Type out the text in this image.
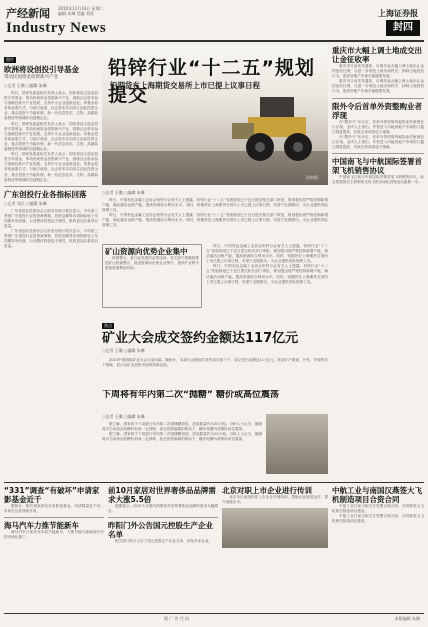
产经新闻
Industry News
2010年11月16日 星期二
编辑 朱琳 美编 刘奕	上海证券报
封四
铅锌行业“十二五”规划提交
铅期货在上海期货交易所上市已提上议事日程
资料图
图片
欧洲将设创投引导基金
带动民间资金投资新兴产业
○记者 王璐 ○编辑 朱琳

昨日，国家发改委相关负责人表示，国家将设立创业投资引导基金，带动民间资金投资新兴产业，鼓励社会资本参与战略性新兴产业发展，支持中小企业创新创业。该基金将采取参股方式，与地方政府、社会资本共同设立创业投资企业，重点投资于节能环保、新一代信息技术、生物、高端装备制造等领域的初创期企业。

昨日，国家发改委相关负责人表示，国家将设立创业投资引导基金，带动民间资金投资新兴产业，鼓励社会资本参与战略性新兴产业发展，支持中小企业创新创业。该基金将采取参股方式，与地方政府、社会资本共同设立创业投资企业，重点投资于节能环保、新一代信息技术、生物、高端装备制造等领域的初创期企业。

昨日，国家发改委相关负责人表示，国家将设立创业投资引导基金，带动民间资金投资新兴产业，鼓励社会资本参与战略性新兴产业发展，支持中小企业创新创业。该基金将采取参股方式，与地方政府、社会资本共同设立创业投资企业，重点投资于节能环保、新一代信息技术、生物、高端装备制造等领域的初创期企业。

广东创投行业各指标回落
○记者 刘兵 ○编辑 朱琳

广东省创业投资协会日前发布统计报告显示，今年前三季度广东创投行业投资案例数、投资金额等各项指标较上年同期有所回落，行业整体投资趋于理性，机构更加注重项目质量。

广东省创业投资协会日前发布统计报告显示，今年前三季度广东创投行业投资案例数、投资金额等各项指标较上年同期有所回落，行业整体投资趋于理性，机构更加注重项目质量。

○记者 王璐 ○编辑 朱琳

昨日，中国有色金属工业协会铅锌分会有关人士透露，铅锌行业“十二五”发展规划已于近日提交相关部门审批，规划提出将严格控制新增产能，淘汰落后冶炼产能，提高资源综合利用水平。同时，铅期货在上海期货交易所上市已提上议事日程，有望于近期推出，为企业提供风险管理工具。

昨日，中国有色金属工业协会铅锌分会有关人士透露，铅锌行业“十二五”发展规划已于近日提交相关部门审批，规划提出将严格控制新增产能，淘汰落后冶炼产能，提高资源综合利用水平。同时，铅期货在上海期货交易所上市已提上议事日程，有望于近期推出，为企业提供风险管理工具。

矿山资源向优势企业集中

资源整合，是行业发展的必然选择。有关部门将继续推进矿山资源整合，促进资源向优势企业集中，提高产业集中度和资源利用效率。

昨日，中国有色金属工业协会铅锌分会有关人士透露，铅锌行业“十二五”发展规划已于近日提交相关部门审批，规划提出将严格控制新增产能，淘汰落后冶炼产能，提高资源综合利用水平。同时，铅期货在上海期货交易所上市已提上议事日程，有望于近期推出，为企业提供风险管理工具。

昨日，中国有色金属工业协会铅锌分会有关人士透露，铅锌行业“十二五”发展规划已于近日提交相关部门审批，规划提出将严格控制新增产能，淘汰落后冶炼产能，提高资源综合利用水平。同时，铅期货在上海期货交易所上市已提上议事日程，有望于近期推出，为企业提供风险管理工具。

焦点
矿业大会成交签约金额达117亿元
○记者 王璐 ○编辑 朱琳

2010中国国际矿业大会日前闭幕。据统计，本届大会期间共签约项目数十个，成交签约金额达117亿元，涉及矿产勘查、开发、并购等多个领域，显示出矿业投资市场的持续活跃。

下周将有年内第二次“抛糖” 糖价或高位震荡
○记者 王璐 ○编辑 朱琳

据了解，国家将于下周进行年内第二次国储糖投放，投放数量约为20万吨。分析人士认为，抛储将对当前高企的糖价形成一定抑制，但在供需偏紧的格局下，糖价短期内或维持高位震荡。

据了解，国家将于下周进行年内第二次国储糖投放，投放数量约为20万吨。分析人士认为，抛储将对当前高企的糖价形成一定抑制，但在供需偏紧的格局下，糖价短期内或维持高位震荡。

重庆市大幅上调土地成交出让金征收率

重庆市日前发布通知，自明年起大幅上调土地出让金的征收比例，以进一步规范土地市场秩序，抑制土地投机行为，促进房地产市场平稳健康发展。

重庆市日前发布通知，自明年起大幅上调土地出让金的征收比例，以进一步规范土地市场秩序，抑制土地投机行为，促进房地产市场平稳健康发展。

限外令后首单外资整购业者浮现

在“限外令”出台后，首单外资收购内地物业的案例近日浮现。业内人士指出，外资进入内地房地产市场的门槛已明显提高，后续交易或将趋于谨慎。

在“限外令”出台后，首单外资收购内地物业的案例近日浮现。业内人士指出，外资进入内地房地产市场的门槛已明显提高，后续交易或将趋于谨慎。

中国南飞与中航国际签署首架飞机销售协议

中国南飞日前与中航国际签署首架飞机销售协议，标志着我国自主研制的支线飞机市场化进程迈出重要一步。

“331”调查“有破坏”申请家影基金近千

据统计，相关调查涉及多家影视基金，申请数量近千份，市场关注度持续升高。

海马汽车力推节能新车

海马汽车日前发布多款节能新车，力推节能与新能源汽车的市场化推广。

前10月家居对世界奢侈品品牌需求大涨5.5倍

数据显示，前10个月国内消费者对世界奢侈品品牌的需求大幅增长。

昨阳门外公告国元控股生产企业名单

相关部门昨日公告了国元控股生产企业名单，涉及多家企业。

北京对职上市企业进行传训

北京市日前组织拟上市企业开展培训，帮助企业规范运作、提升治理水平。

中航工业与南国汉燕签大飞机制造项目合资合同

中航工业日前与相关方签署合资合同，共同推进大飞机相关制造项目建设。

中航工业日前与相关方签署合资合同，共同推进大飞机相关制造项目建设。

版 广 告 代 码	本版编辑 朱琳
